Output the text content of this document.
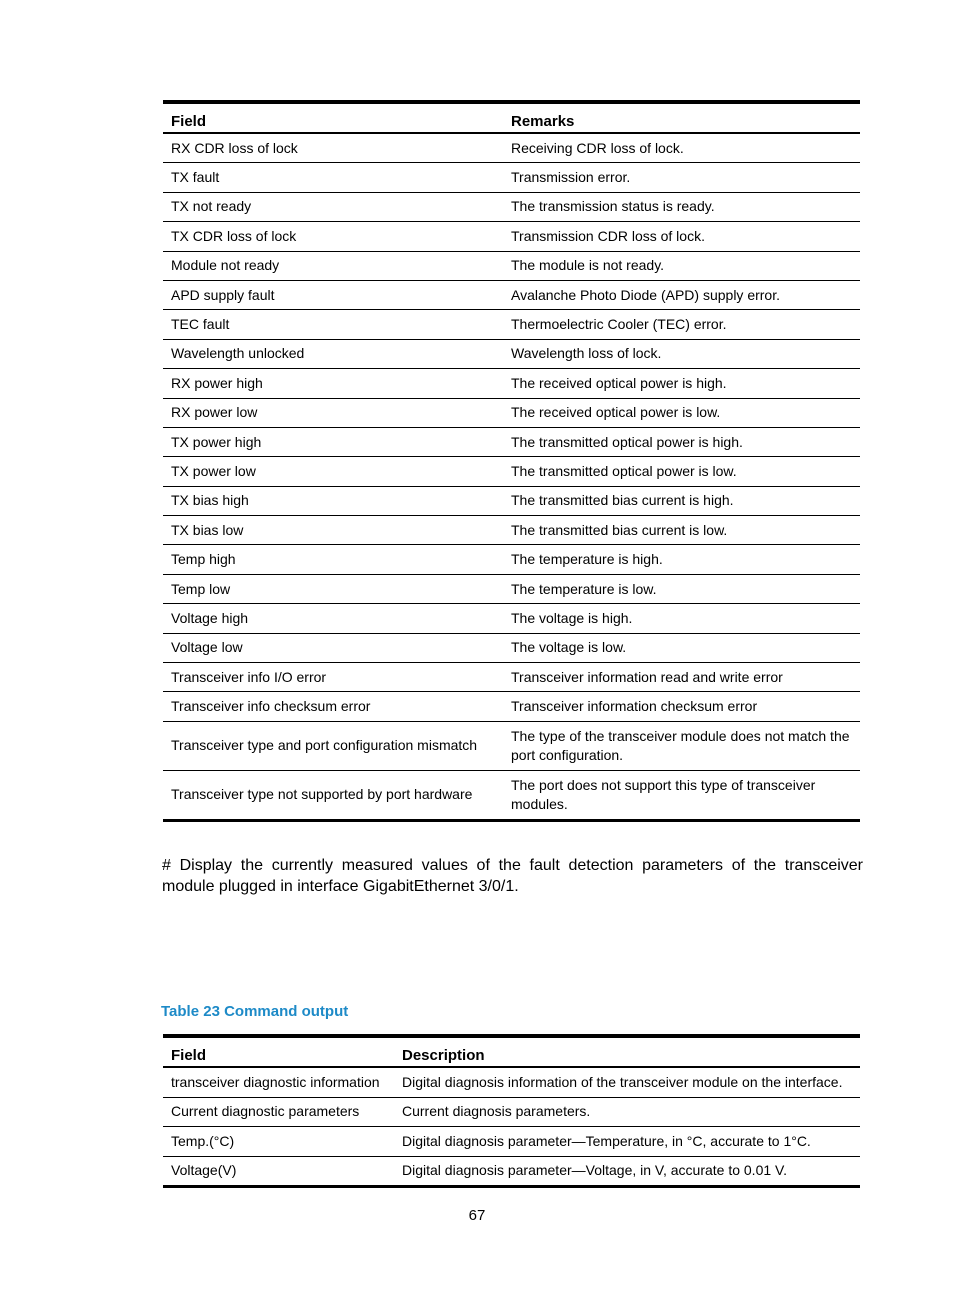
Field	Remarks
RX CDR loss of lock	Receiving CDR loss of lock.
TX fault	Transmission error.
TX not ready	The transmission status is ready.
TX CDR loss of lock	Transmission CDR loss of lock.
Module not ready	The module is not ready.
APD supply fault	Avalanche Photo Diode (APD) supply error.
TEC fault	Thermoelectric Cooler (TEC) error.
Wavelength unlocked	Wavelength loss of lock.
RX power high	The received optical power is high.
RX power low	The received optical power is low.
TX power high	The transmitted optical power is high.
TX power low	The transmitted optical power is low.
TX bias high	The transmitted bias current is high.
TX bias low	The transmitted bias current is low.
Temp high	The temperature is high.
Temp low	The temperature is low.
Voltage high	The voltage is high.
Voltage low	The voltage is low.
Transceiver info I/O error	Transceiver information read and write error
Transceiver info checksum error	Transceiver information checksum error
Transceiver type and port configuration mismatch	The type of the transceiver module does not match the port configuration.
Transceiver type not supported by port hardware	The port does not support this type of transceiver modules.

# Display the currently measured values of the fault detection parameters of the transceiver module plugged in interface GigabitEthernet 3/0/1.

Table 23 Command output
Field	Description
transceiver diagnostic information	Digital diagnosis information of the transceiver module on the interface.
Current diagnostic parameters	Current diagnosis parameters.
Temp.(°C)	Digital diagnosis parameter—Temperature, in °C, accurate to 1°C.
Voltage(V)	Digital diagnosis parameter—Voltage, in V, accurate to 0.01 V.
67
